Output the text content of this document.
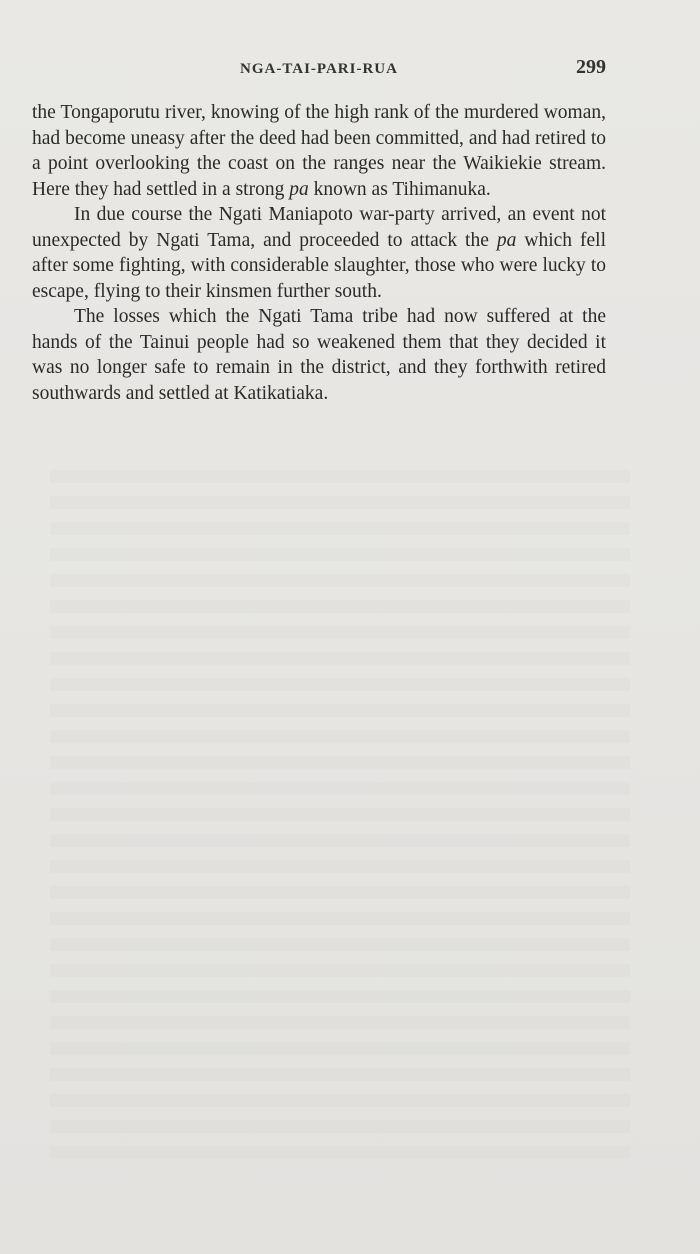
NGA-TAI-PARI-RUA	299

the Tongaporutu river, knowing of the high rank of the murdered woman, had become uneasy after the deed had been committed, and had retired to a point overlooking the coast on the ranges near the Waikiekie stream. Here they had settled in a strong pa known as Tihimanuka.

In due course the Ngati Maniapoto war-party arrived, an event not unexpected by Ngati Tama, and proceeded to attack the pa which fell after some fighting, with considerable slaughter, those who were lucky to escape, flying to their kinsmen further south.

The losses which the Ngati Tama tribe had now suffered at the hands of the Tainui people had so weakened them that they decided it was no longer safe to remain in the district, and they forthwith retired southwards and settled at Katikatiaka.
